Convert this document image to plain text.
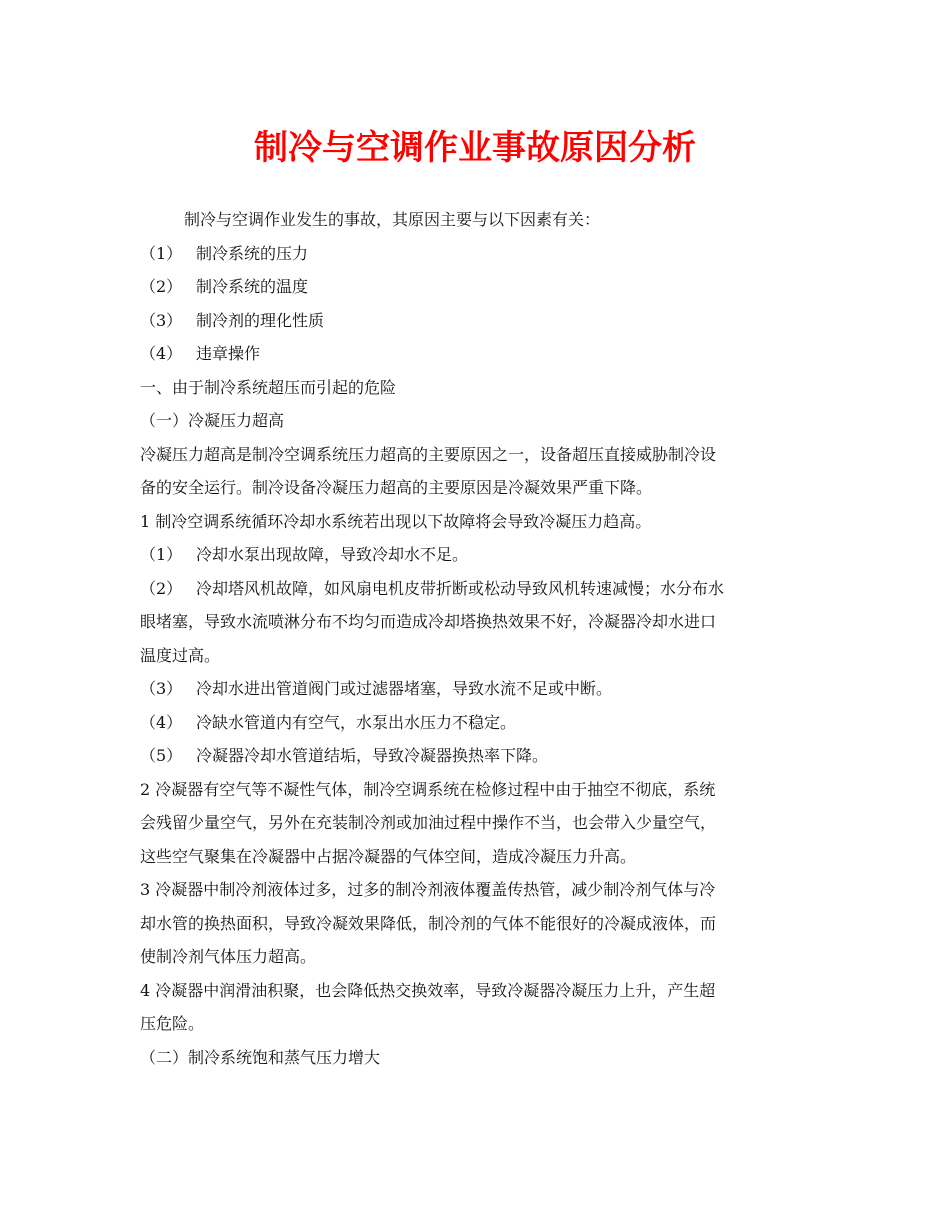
制冷与空调作业事故原因分析
制冷与空调作业发生的事故，其原因主要与以下因素有关：
（1） 制冷系统的压力
（2） 制冷系统的温度
（3） 制冷剂的理化性质
（4） 违章操作
一、由于制冷系统超压而引起的危险
（一）冷凝压力超高
冷凝压力超高是制冷空调系统压力超高的主要原因之一，设备超压直接威胁制冷设
备的安全运行。制冷设备冷凝压力超高的主要原因是冷凝效果严重下降。
1 制冷空调系统循环冷却水系统若出现以下故障将会导致冷凝压力趋高。
（1） 冷却水泵出现故障，导致冷却水不足。
（2） 冷却塔风机故障，如风扇电机皮带折断或松动导致风机转速减慢；水分布水
眼堵塞，导致水流喷淋分布不均匀而造成冷却塔换热效果不好，冷凝器冷却水进口
温度过高。
（3） 冷却水进出管道阀门或过滤器堵塞，导致水流不足或中断。
（4） 冷缺水管道内有空气，水泵出水压力不稳定。
（5） 冷凝器冷却水管道结垢，导致冷凝器换热率下降。
2 冷凝器有空气等不凝性气体，制冷空调系统在检修过程中由于抽空不彻底，系统
会残留少量空气，另外在充装制冷剂或加油过程中操作不当，也会带入少量空气，
这些空气聚集在冷凝器中占据冷凝器的气体空间，造成冷凝压力升高。
3 冷凝器中制冷剂液体过多，过多的制冷剂液体覆盖传热管，减少制冷剂气体与冷
却水管的换热面积，导致冷凝效果降低，制冷剂的气体不能很好的冷凝成液体，而
使制冷剂气体压力超高。
4 冷凝器中润滑油积聚，也会降低热交换效率，导致冷凝器冷凝压力上升，产生超
压危险。
（二）制冷系统饱和蒸气压力增大
